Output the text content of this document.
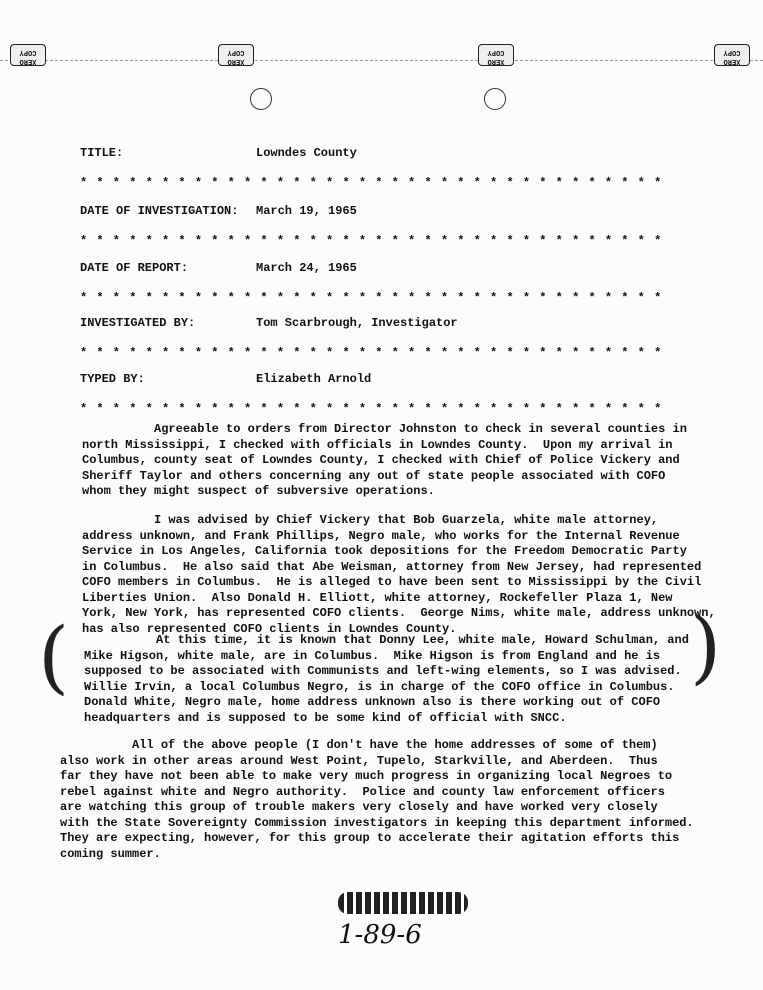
XERO COPY
XERO COPY
XERO COPY
XERO COPY
TITLE:	Lowndes County
* * * * * * * * * * * * * * * * * * * * * * * * * * * * * * * * * * * *
DATE OF INVESTIGATION: March 19, 1965
* * * * * * * * * * * * * * * * * * * * * * * * * * * * * * * * * * * *
DATE OF REPORT:	March 24, 1965
* * * * * * * * * * * * * * * * * * * * * * * * * * * * * * * * * * * *
INVESTIGATED BY:	Tom Scarbrough, Investigator
* * * * * * * * * * * * * * * * * * * * * * * * * * * * * * * * * * * *
TYPED BY:	Elizabeth Arnold
* * * * * * * * * * * * * * * * * * * * * * * * * * * * * * * * * * * *
Agreeable to orders from Director Johnston to check in several counties in
north Mississippi, I checked with officials in Lowndes County.  Upon my arrival in
Columbus, county seat of Lowndes County, I checked with Chief of Police Vickery and
Sheriff Taylor and others concerning any out of state people associated with COFO
whom they might suspect of subversive operations.
I was advised by Chief Vickery that Bob Guarzela, white male attorney,
address unknown, and Frank Phillips, Negro male, who works for the Internal Revenue
Service in Los Angeles, California took depositions for the Freedom Democratic Party
in Columbus.  He also said that Abe Weisman, attorney from New Jersey, had represented
COFO members in Columbus.  He is alleged to have been sent to Mississippi by the Civil
Liberties Union.  Also Donald H. Elliott, white attorney, Rockefeller Plaza 1, New
York, New York, has represented COFO clients.  George Nims, white male, address unknown,
has also represented COFO clients in Lowndes County.
At this time, it is known that Donny Lee, white male, Howard Schulman, and
Mike Higson, white male, are in Columbus.  Mike Higson is from England and he is
supposed to be associated with Communists and left-wing elements, so I was advised.
Willie Irvin, a local Columbus Negro, is in charge of the COFO office in Columbus.
Donald White, Negro male, home address unknown also is there working out of COFO
headquarters and is supposed to be some kind of official with SNCC.
(	)
All of the above people (I don't have the home addresses of some of them)
also work in other areas around West Point, Tupelo, Starkville, and Aberdeen.  Thus
far they have not been able to make very much progress in organizing local Negroes to
rebel against white and Negro authority.  Police and county law enforcement officers
are watching this group of trouble makers very closely and have worked very closely
with the State Sovereignty Commission investigators in keeping this department informed.
They are expecting, however, for this group to accelerate their agitation efforts this
coming summer.
1-89-6
